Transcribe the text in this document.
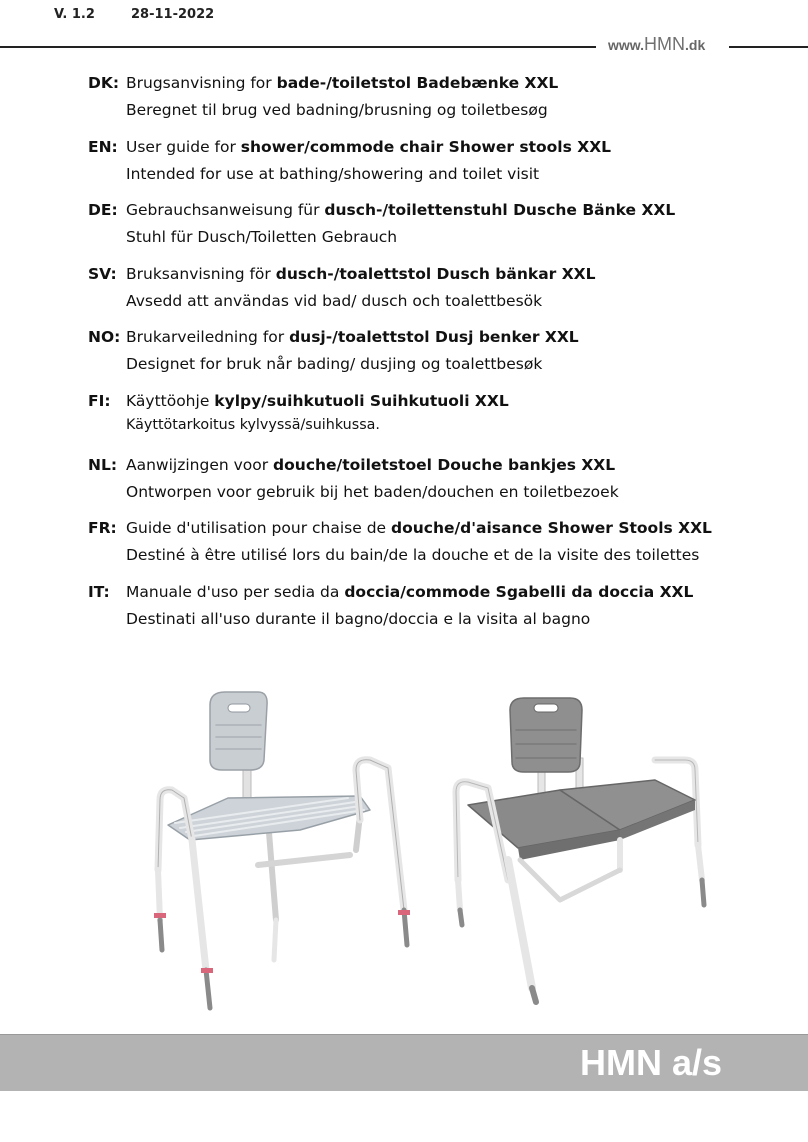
V. 1.2	28-11-2022
www.HMN.dk
DK: Brugsanvisning for bade-/toiletstol Badebænke XXL
Beregnet til brug ved badning/brusning og toiletbesøg
EN: User guide for shower/commode chair Shower stools XXL
Intended for use at bathing/showering and toilet visit
DE: Gebrauchsanweisung für dusch-/toilettenstuhl Dusche Bänke XXL
Stuhl für Dusch/Toiletten Gebrauch
SV: Bruksanvisning för dusch-/toalettstol Dusch bänkar XXL
Avsedd att användas vid bad/ dusch och toalettbesök
NO: Brukarveiledning for dusj-/toalettstol Dusj benker XXL
Designet for bruk når bading/ dusjing og toalettbesøk
FI: Käyttöohje kylpy/suihkutuoli Suihkutuoli XXL
Käyttötarkoitus kylvyssä/suihkussa.
NL: Aanwijzingen voor douche/toiletstoel Douche bankjes XXL
Ontworpen voor gebruik bij het baden/douchen en toiletbezoek
FR: Guide d'utilisation pour chaise de douche/d'aisance Shower Stools XXL
Destiné à être utilisé lors du bain/de la douche et de la visite des toilettes
IT: Manuale d'uso per sedia da doccia/commode Sgabelli da doccia XXL
Destinati all'uso durante il bagno/doccia e la visita al bagno
HMN a/s
